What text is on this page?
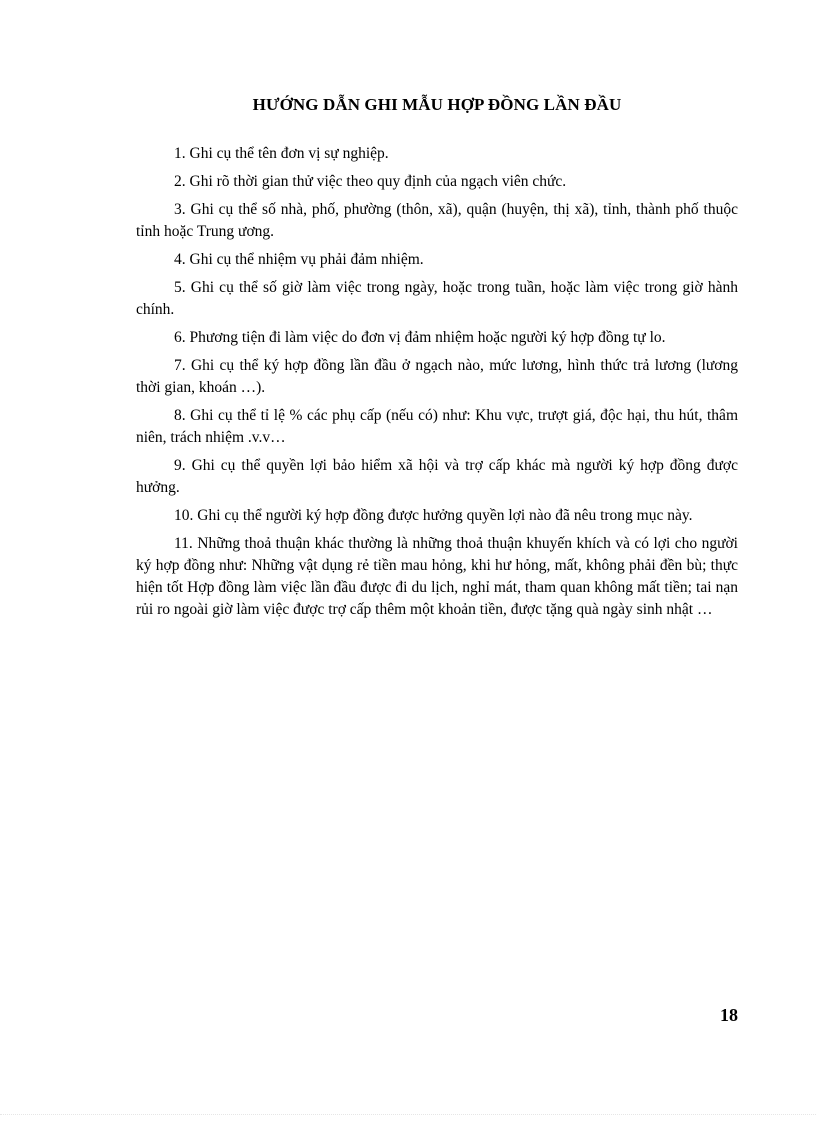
HƯỚNG DẪN GHI MẪU HỢP ĐỒNG LẦN ĐẦU

1. Ghi cụ thể tên đơn vị sự nghiệp.

2. Ghi rõ thời gian thử việc theo quy định của ngạch viên chức.

3. Ghi cụ thể số nhà, phố, phường (thôn, xã), quận (huyện, thị xã), tỉnh, thành phố thuộc tỉnh hoặc Trung ương.

4. Ghi cụ thể nhiệm vụ phải đảm nhiệm.

5. Ghi cụ thể số giờ làm việc trong ngày, hoặc trong tuần, hoặc làm việc trong giờ hành chính.

6. Phương tiện đi làm việc do đơn vị đảm nhiệm hoặc người ký hợp đồng tự lo.

7. Ghi cụ thể ký hợp đồng lần đầu ở ngạch nào, mức lương, hình thức trả lương (lương thời gian, khoán …).

8. Ghi cụ thể tỉ lệ % các phụ cấp (nếu có) như: Khu vực, trượt giá, độc hại, thu hút, thâm niên, trách nhiệm .v.v…

9. Ghi cụ thể quyền lợi bảo hiểm xã hội và trợ cấp khác mà người ký hợp đồng được hưởng.

10. Ghi cụ thể người ký hợp đồng được hưởng quyền lợi nào đã nêu trong mục này.

11. Những thoả thuận khác thường là những thoả thuận khuyến khích và có lợi cho người ký hợp đồng như: Những vật dụng rẻ tiền mau hỏng, khi hư hỏng, mất, không phải đền bù; thực hiện tốt Hợp đồng làm việc lần đầu được đi du lịch, nghỉ mát, tham quan không mất tiền; tai nạn rủi ro ngoài giờ làm việc được trợ cấp thêm một khoản tiền, được tặng quà ngày sinh nhật …

18
